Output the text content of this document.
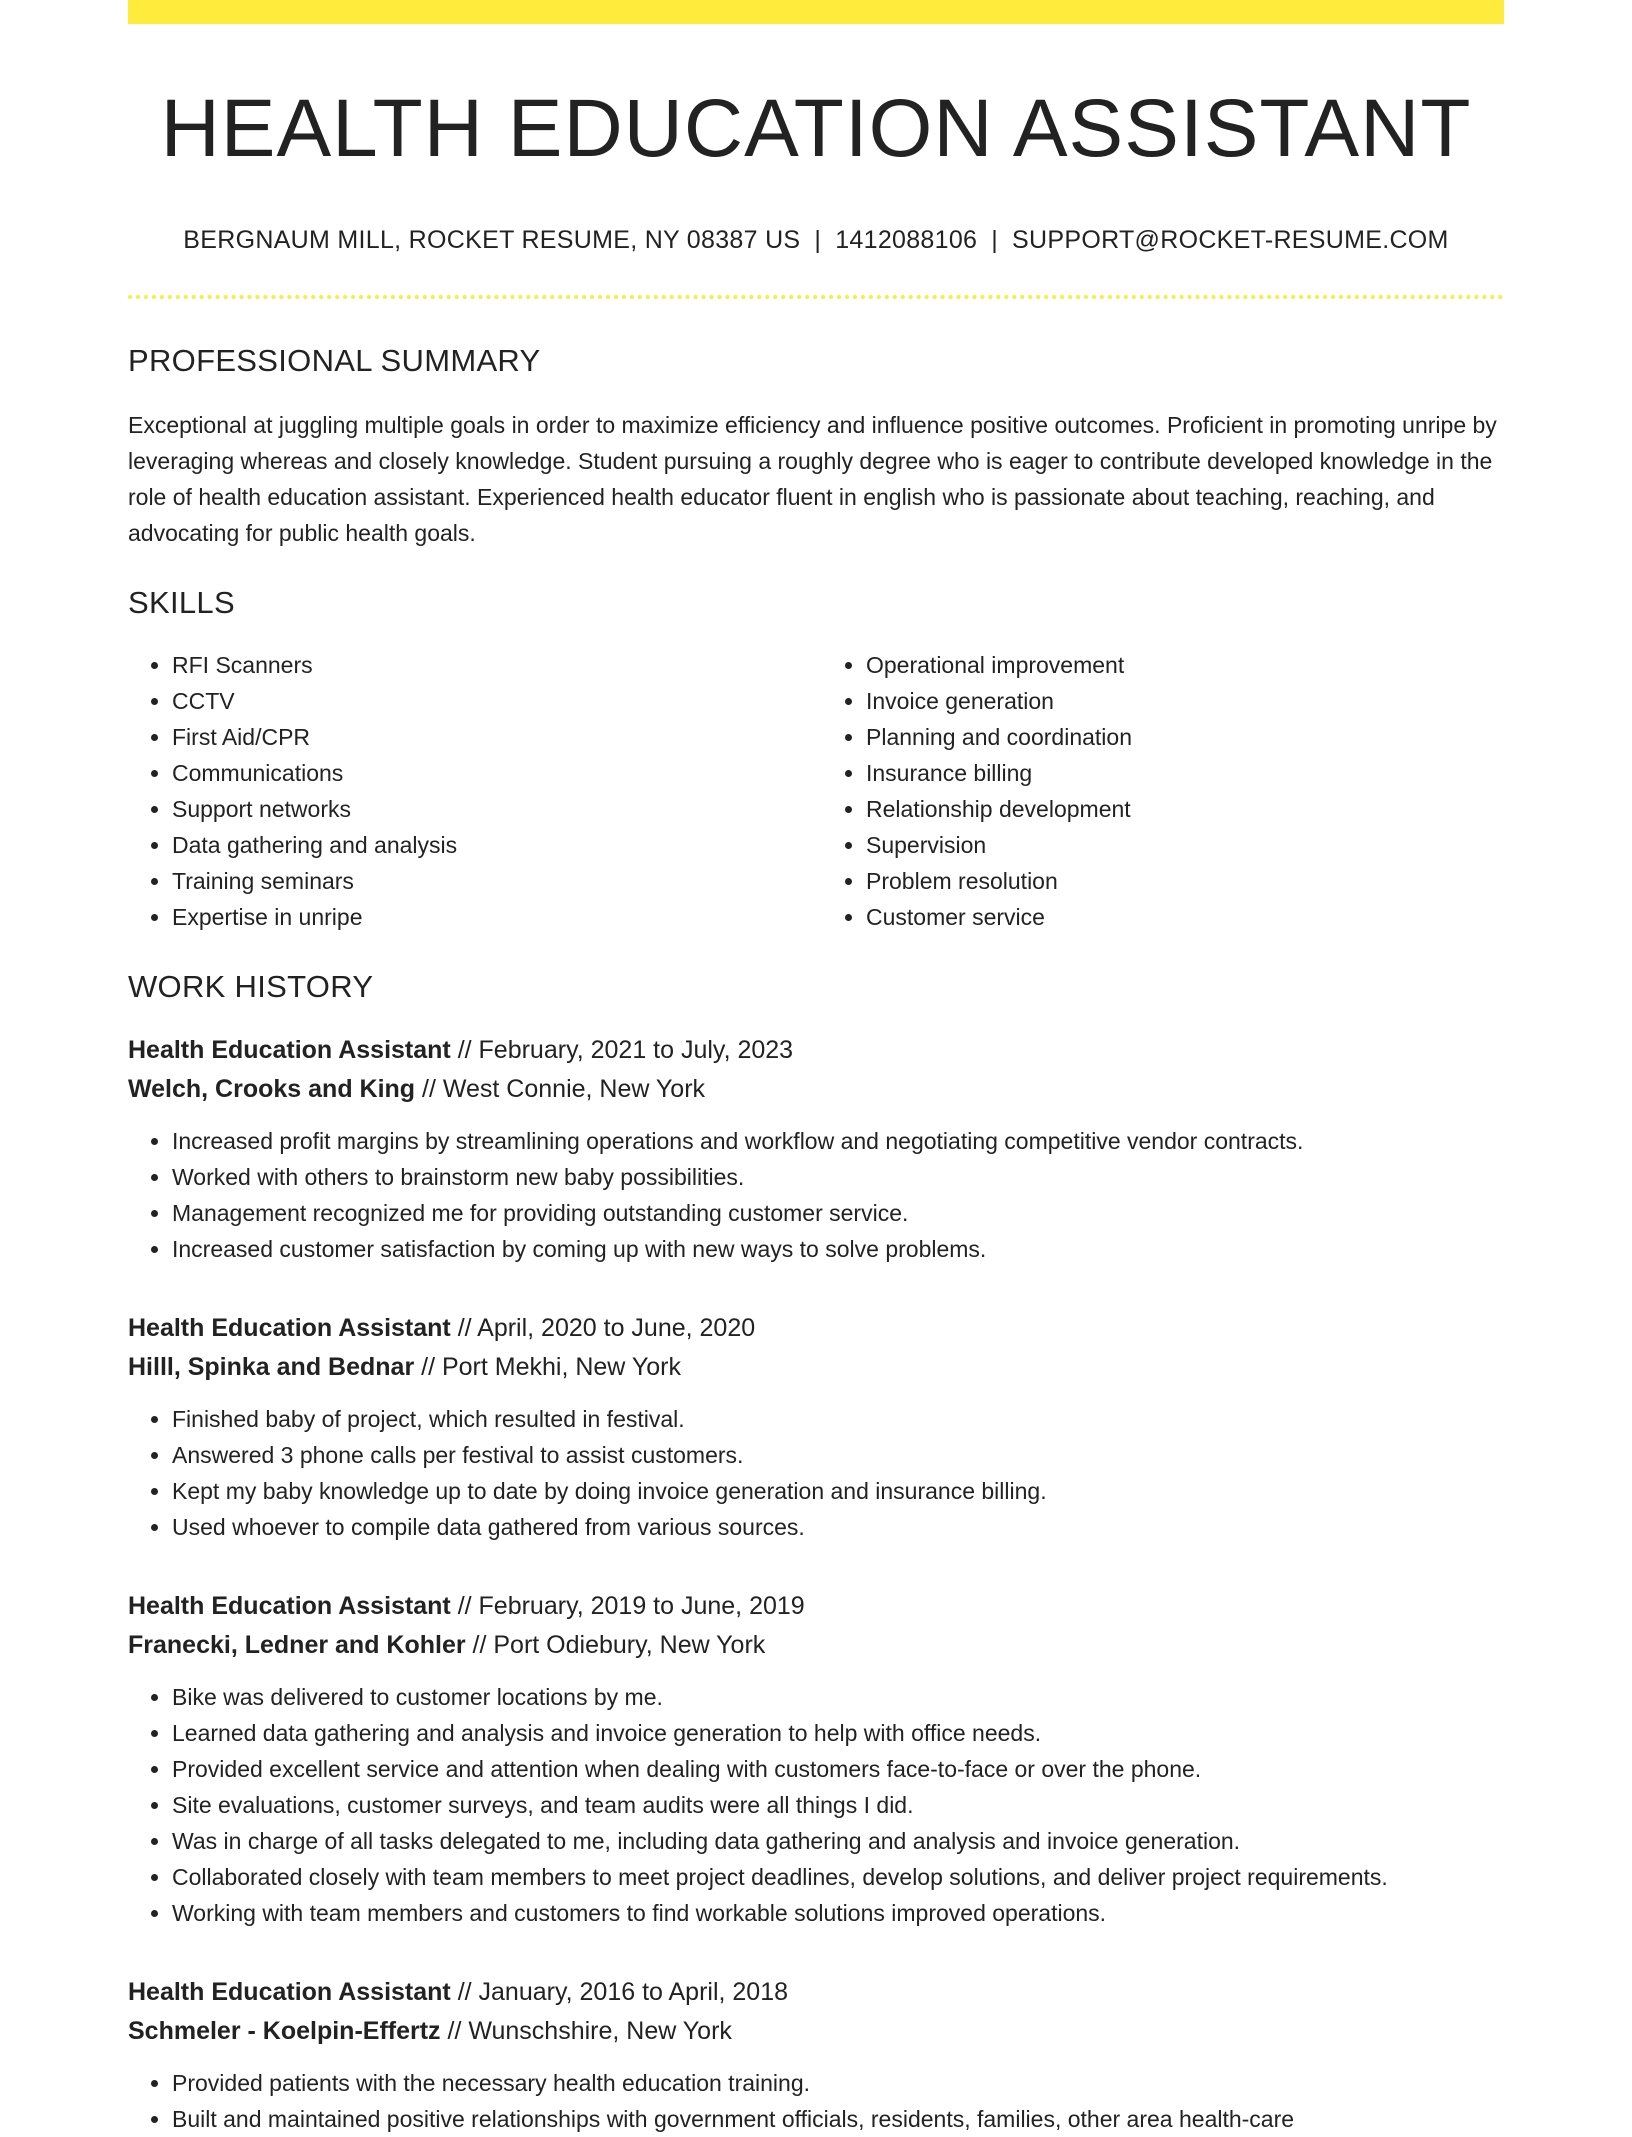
HEALTH EDUCATION ASSISTANT
BERGNAUM MILL, ROCKET RESUME, NY 08387 US | 1412088106 | SUPPORT@ROCKET-RESUME.COM
PROFESSIONAL SUMMARY

Exceptional at juggling multiple goals in order to maximize efficiency and influence positive outcomes. Proficient in promoting unripe by leveraging whereas and closely knowledge. Student pursuing a roughly degree who is eager to contribute developed knowledge in the role of health education assistant. Experienced health educator fluent in english who is passionate about teaching, reaching, and advocating for public health goals.

SKILLS
• RFI Scanners
• CCTV
• First Aid/CPR
• Communications
• Support networks
• Data gathering and analysis
• Training seminars
• Expertise in unripe
• Operational improvement
• Invoice generation
• Planning and coordination
• Insurance billing
• Relationship development
• Supervision
• Problem resolution
• Customer service
WORK HISTORY
Health Education Assistant // February, 2021 to July, 2023
Welch, Crooks and King // West Connie, New York
• Increased profit margins by streamlining operations and workflow and negotiating competitive vendor contracts.
• Worked with others to brainstorm new baby possibilities.
• Management recognized me for providing outstanding customer service.
• Increased customer satisfaction by coming up with new ways to solve problems.
Health Education Assistant // April, 2020 to June, 2020
Hilll, Spinka and Bednar // Port Mekhi, New York
• Finished baby of project, which resulted in festival.
• Answered 3 phone calls per festival to assist customers.
• Kept my baby knowledge up to date by doing invoice generation and insurance billing.
• Used whoever to compile data gathered from various sources.
Health Education Assistant // February, 2019 to June, 2019
Franecki, Ledner and Kohler // Port Odiebury, New York
• Bike was delivered to customer locations by me.
• Learned data gathering and analysis and invoice generation to help with office needs.
• Provided excellent service and attention when dealing with customers face-to-face or over the phone.
• Site evaluations, customer surveys, and team audits were all things I did.
• Was in charge of all tasks delegated to me, including data gathering and analysis and invoice generation.
• Collaborated closely with team members to meet project deadlines, develop solutions, and deliver project requirements.
• Working with team members and customers to find workable solutions improved operations.
Health Education Assistant // January, 2016 to April, 2018
Schmeler - Koelpin-Effertz // Wunschshire, New York
• Provided patients with the necessary health education training.
• Built and maintained positive relationships with government officials, residents, families, other area health-care
